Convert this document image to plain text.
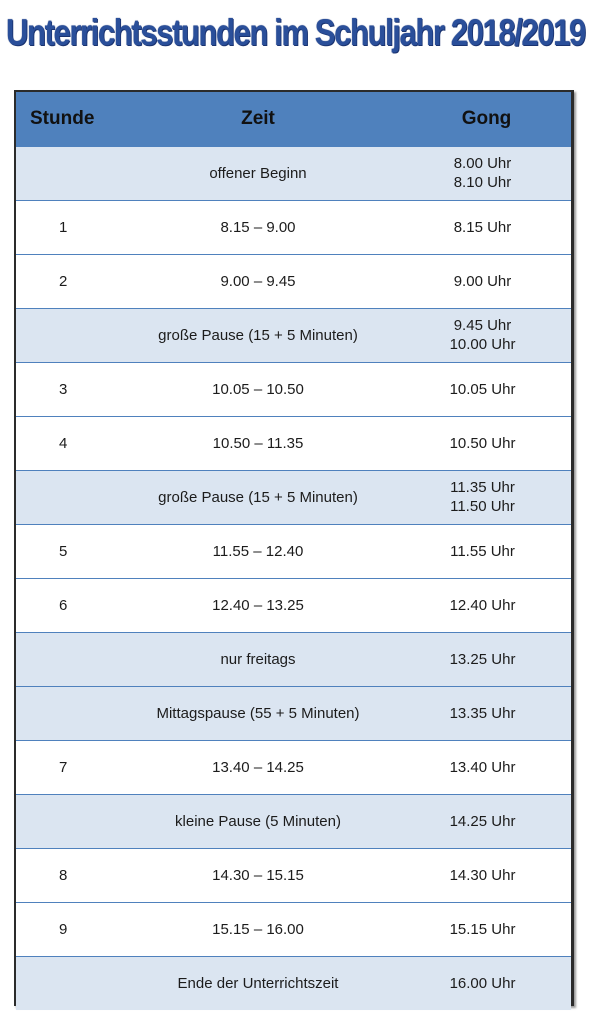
Unterrichtsstunden im Schuljahr 2018/2019
Stunde	Zeit	Gong
	offener Beginn	8.00 Uhr
8.10 Uhr

1	8.15 – 9.00	8.15 Uhr

2	9.00 – 9.45	9.00 Uhr

	große Pause (15 + 5 Minuten)	9.45 Uhr
10.00 Uhr

3	10.05 – 10.50	10.05 Uhr

4	10.50 – 11.35	10.50 Uhr

	große Pause (15 + 5 Minuten)	11.35 Uhr
11.50 Uhr

5	11.55 – 12.40	11.55 Uhr

6	12.40 – 13.25	12.40 Uhr

	nur freitags	13.25 Uhr

	Mittagspause (55 + 5 Minuten)	13.35 Uhr

7	13.40 – 14.25	13.40 Uhr

	kleine Pause (5 Minuten)	14.25 Uhr

8	14.30 – 15.15	14.30 Uhr

9	15.15 – 16.00	15.15 Uhr

	Ende der Unterrichtszeit	16.00 Uhr
